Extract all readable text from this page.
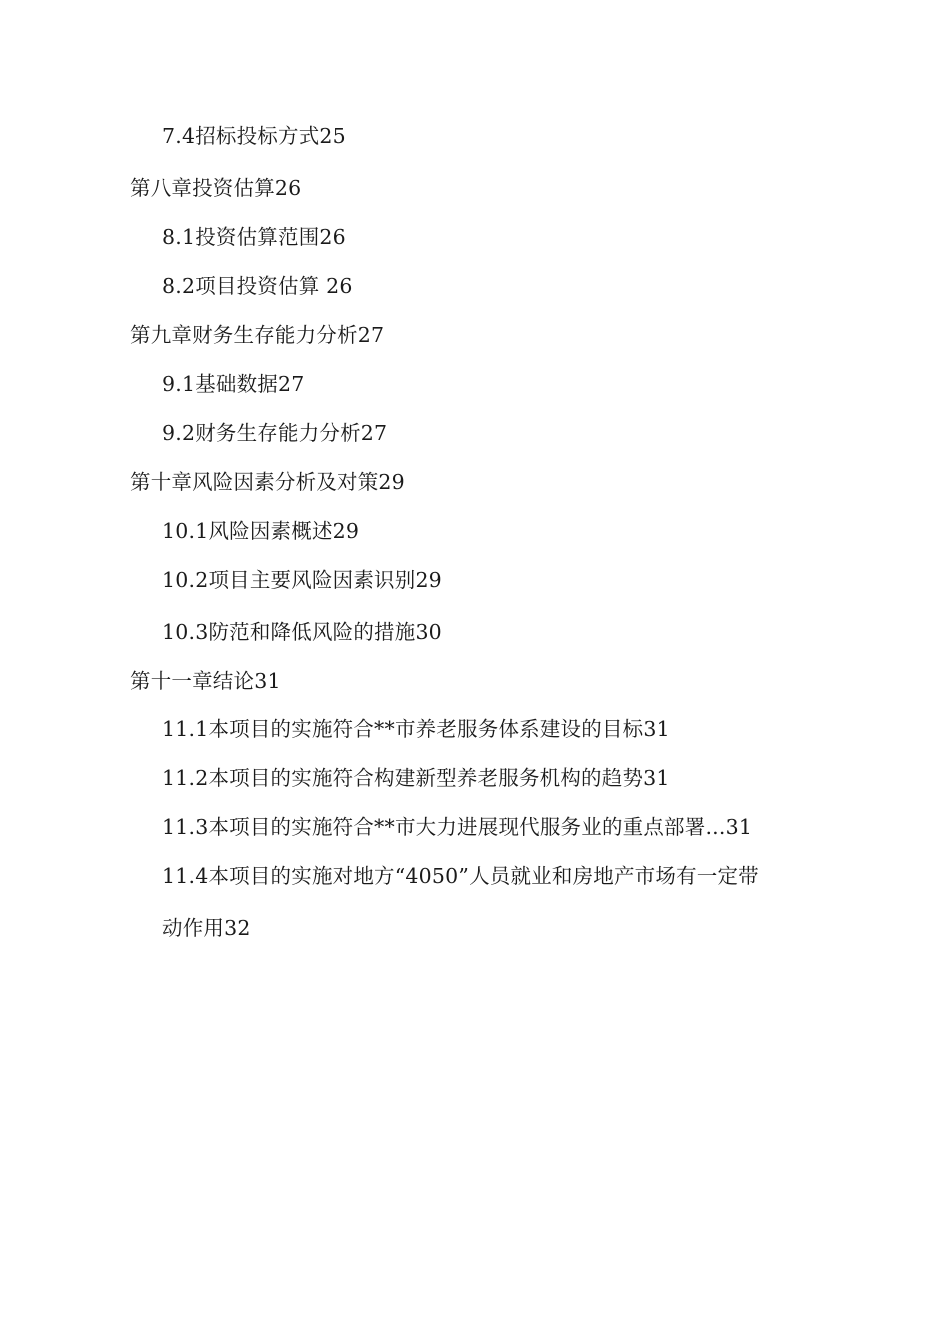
7.4招标投标方式25
第八章投资估算26
8.1投资估算范围26
8.2项目投资估算 26
第九章财务生存能力分析27
9.1基础数据27
9.2财务生存能力分析27
第十章风险因素分析及对策29
10.1风险因素概述29
10.2项目主要风险因素识别29
10.3防范和降低风险的措施30
第十一章结论31
11.1本项目的实施符合**市养老服务体系建设的目标31
11.2本项目的实施符合构建新型养老服务机构的趋势31
11.3本项目的实施符合**市大力进展现代服务业的重点部署...31
11.4本项目的实施对地方“4050”人员就业和房地产市场有一定带
动作用32
